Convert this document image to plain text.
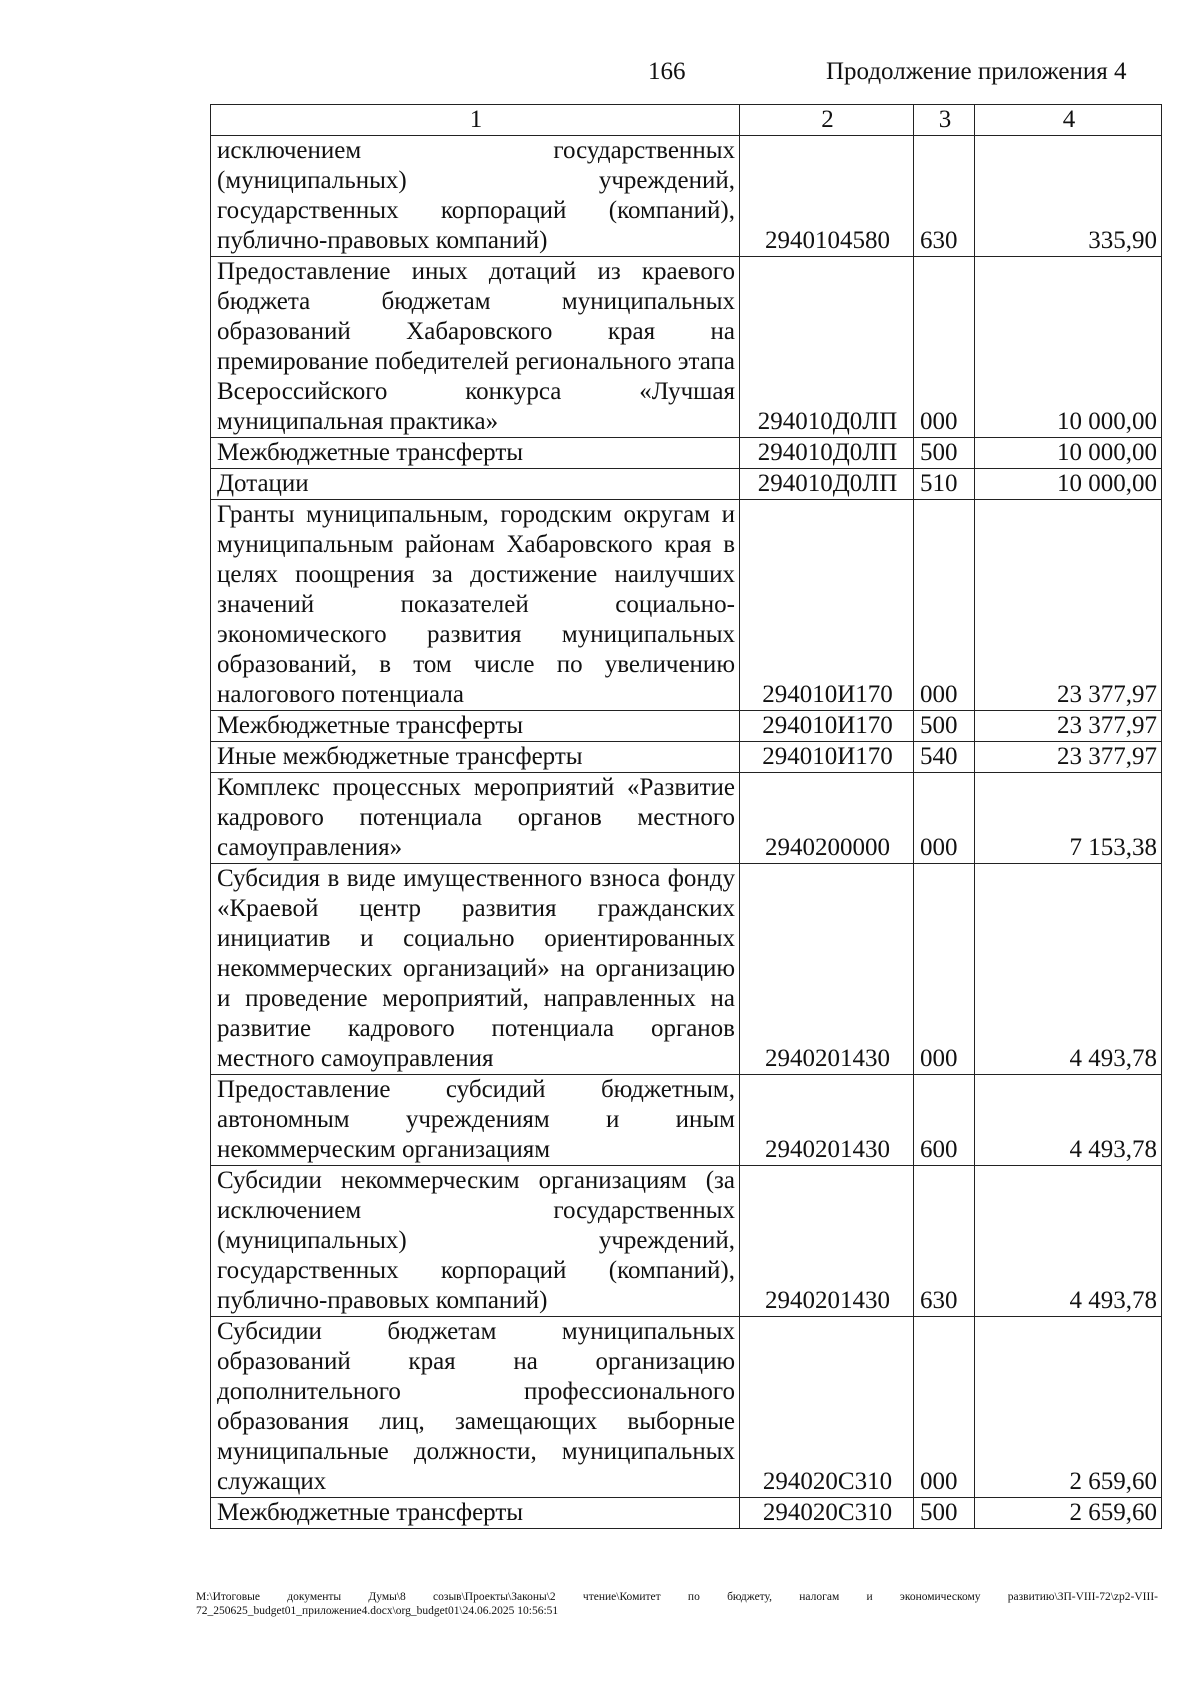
166	Продолжение приложения 4
1	2	3	4
исключением государственных (муниципальных) учреждений, государственных корпораций (компаний), публично-правовых компаний)	2940104580	630	335,90
Предоставление иных дотаций из краевого бюджета бюджетам муниципальных образований Хабаровского края на премирование победителей регионального этапа Всероссийского конкурса «Лучшая муниципальная практика»	294010Д0ЛП	000	10 000,00
Межбюджетные трансферты	294010Д0ЛП	500	10 000,00
Дотации	294010Д0ЛП	510	10 000,00
Гранты муниципальным, городским округам и муниципальным районам Хабаровского края в целях поощрения за достижение наилучших значений показателей социально-экономического развития муниципальных образований, в том числе по увеличению налогового потенциала	294010И170	000	23 377,97
Межбюджетные трансферты	294010И170	500	23 377,97
Иные межбюджетные трансферты	294010И170	540	23 377,97
Комплекс процессных мероприятий «Развитие кадрового потенциала органов местного самоуправления»	2940200000	000	7 153,38
Субсидия в виде имущественного взноса фонду «Краевой центр развития гражданских инициатив и социально ориентированных некоммерческих организаций» на организацию и проведение мероприятий, направленных на развитие кадрового потенциала органов местного самоуправления	2940201430	000	4 493,78
Предоставление субсидий бюджетным, автономным учреждениям и иным некоммерческим организациям	2940201430	600	4 493,78
Субсидии некоммерческим организациям (за исключением государственных (муниципальных) учреждений, государственных корпораций (компаний), публично-правовых компаний)	2940201430	630	4 493,78
Субсидии бюджетам муниципальных образований края на организацию дополнительного профессионального образования лиц, замещающих выборные муниципальные должности, муниципальных служащих	294020С310	000	2 659,60
Межбюджетные трансферты	294020С310	500	2 659,60
M:\Итоговые документы Думы\8 созыв\Проекты\Законы\2 чтение\Комитет по бюджету, налогам и экономическому развитию\ЗП-VIII-72\zp2-VIII-72_250625_budget01_приложение4.docx\org_budget01\24.06.2025 10:56:51
